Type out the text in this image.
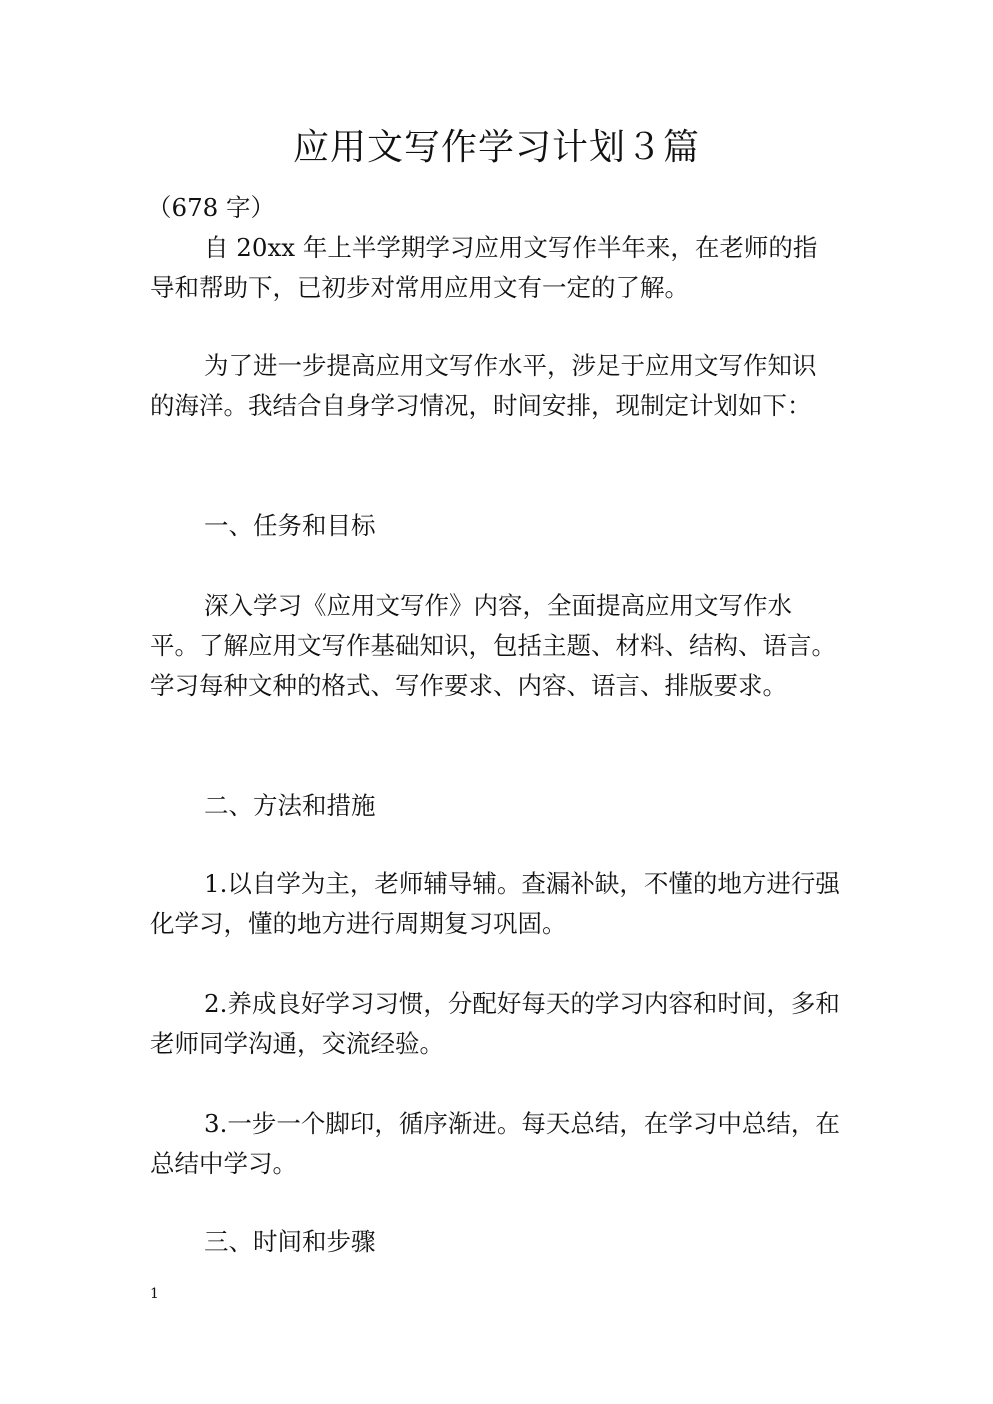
应用文写作学习计划３篇

（678 字）

自 20xx 年上半学期学习应用文写作半年来，在老师的指导和帮助下，已初步对常用应用文有一定的了解。

为了进一步提高应用文写作水平，涉足于应用文写作知识的海洋。我结合自身学习情况，时间安排，现制定计划如下：

一、任务和目标

深入学习《应用文写作》内容，全面提高应用文写作水平。了解应用文写作基础知识，包括主题、材料、结构、语言。学习每种文种的格式、写作要求、内容、语言、排版要求。

二、方法和措施

1.以自学为主，老师辅导辅。查漏补缺，不懂的地方进行强化学习，懂的地方进行周期复习巩固。

2.养成良好学习习惯，分配好每天的学习内容和时间，多和老师同学沟通，交流经验。

3.一步一个脚印，循序渐进。每天总结，在学习中总结，在总结中学习。

三、时间和步骤

1
